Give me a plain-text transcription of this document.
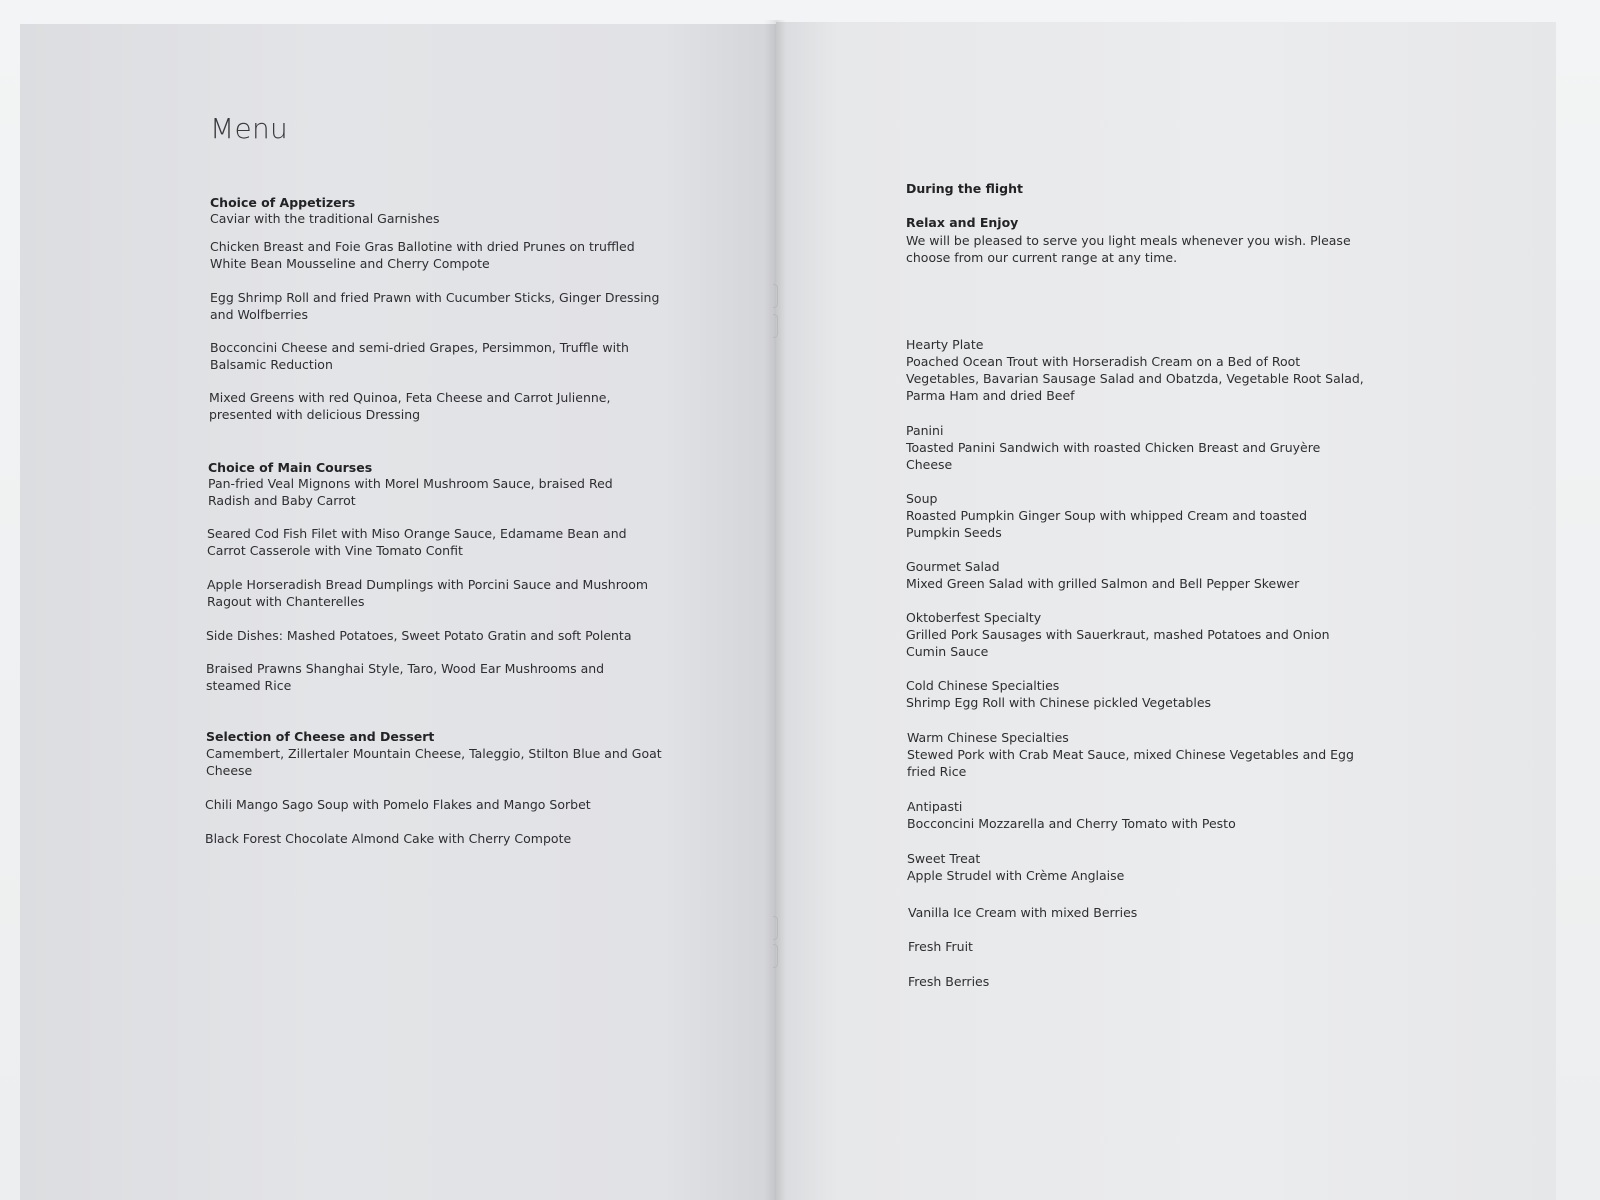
Menu
Choice of Appetizers
Caviar with the traditional Garnishes
Chicken Breast and Foie Gras Ballotine with dried Prunes on truffled
White Bean Mousseline and Cherry Compote
Egg Shrimp Roll and fried Prawn with Cucumber Sticks, Ginger Dressing
and Wolfberries
Bocconcini Cheese and semi-dried Grapes, Persimmon, Truffle with
Balsamic Reduction
Mixed Greens with red Quinoa, Feta Cheese and Carrot Julienne,
presented with delicious Dressing
Choice of Main Courses
Pan-fried Veal Mignons with Morel Mushroom Sauce, braised Red
Radish and Baby Carrot
Seared Cod Fish Filet with Miso Orange Sauce, Edamame Bean and
Carrot Casserole with Vine Tomato Confit
Apple Horseradish Bread Dumplings with Porcini Sauce and Mushroom
Ragout with Chanterelles
Side Dishes: Mashed Potatoes, Sweet Potato Gratin and soft Polenta
Braised Prawns Shanghai Style, Taro, Wood Ear Mushrooms and
steamed Rice
Selection of Cheese and Dessert
Camembert, Zillertaler Mountain Cheese, Taleggio, Stilton Blue and Goat
Cheese
Chili Mango Sago Soup with Pomelo Flakes and Mango Sorbet
Black Forest Chocolate Almond Cake with Cherry Compote
During the flight
Relax and Enjoy
We will be pleased to serve you light meals whenever you wish. Please
choose from our current range at any time.
Hearty Plate
Poached Ocean Trout with Horseradish Cream on a Bed of Root
Vegetables, Bavarian Sausage Salad and Obatzda, Vegetable Root Salad,
Parma Ham and dried Beef
Panini
Toasted Panini Sandwich with roasted Chicken Breast and Gruyère
Cheese
Soup
Roasted Pumpkin Ginger Soup with whipped Cream and toasted
Pumpkin Seeds
Gourmet Salad
Mixed Green Salad with grilled Salmon and Bell Pepper Skewer
Oktoberfest Specialty
Grilled Pork Sausages with Sauerkraut, mashed Potatoes and Onion
Cumin Sauce
Cold Chinese Specialties
Shrimp Egg Roll with Chinese pickled Vegetables
Warm Chinese Specialties
Stewed Pork with Crab Meat Sauce, mixed Chinese Vegetables and Egg
fried Rice
Antipasti
Bocconcini Mozzarella and Cherry Tomato with Pesto
Sweet Treat
Apple Strudel with Crème Anglaise
Vanilla Ice Cream with mixed Berries
Fresh Fruit
Fresh Berries
